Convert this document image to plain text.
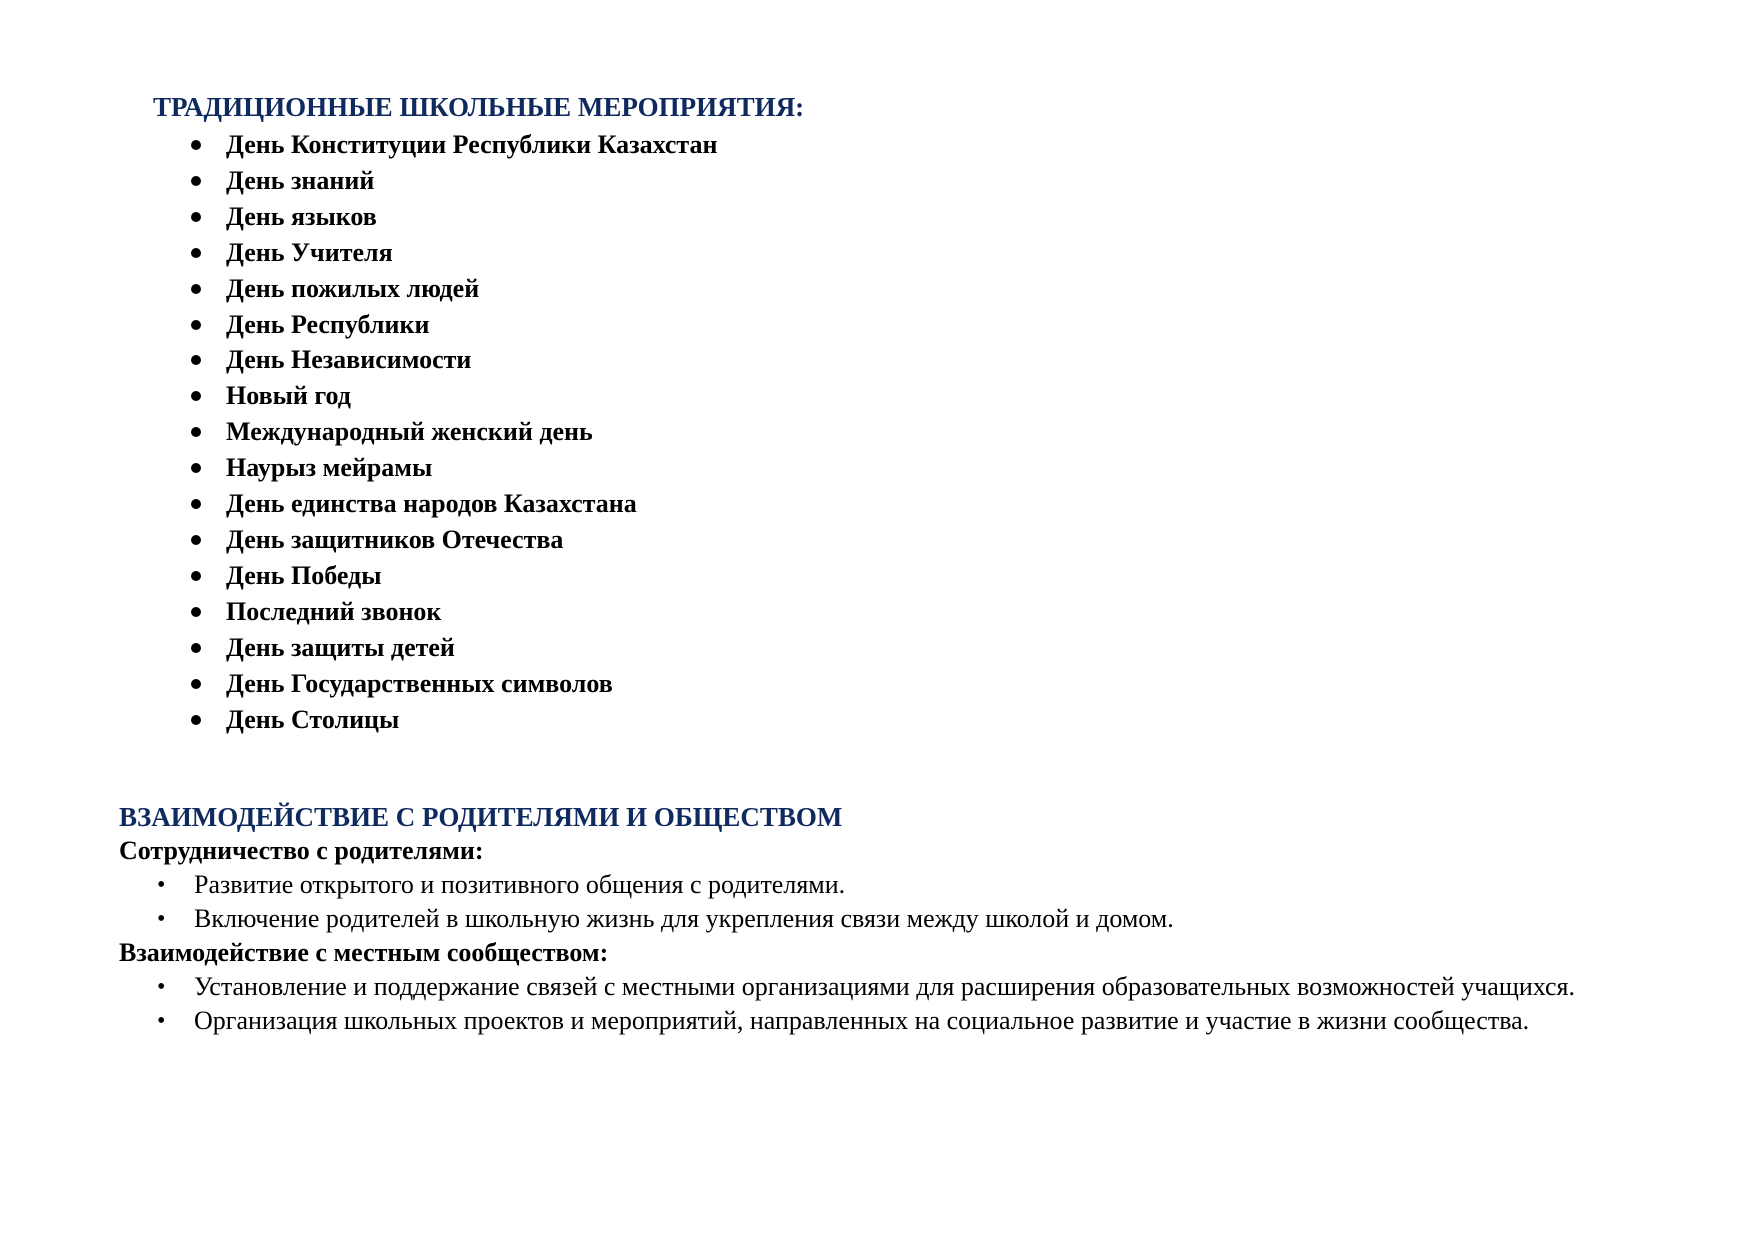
ТРАДИЦИОННЫЕ ШКОЛЬНЫЕ МЕРОПРИЯТИЯ:
День Конституции Республики Казахстан
День знаний
День языков
День Учителя
День пожилых людей
День Республики
День Независимости
Новый год
Международный женский день
Наурыз мейрамы
День единства народов Казахстана
День защитников Отечества
День Победы
Последний звонок
День защиты детей
День Государственных символов
День Столицы
ВЗАИМОДЕЙСТВИЕ С РОДИТЕЛЯМИ И ОБЩЕСТВОМ

Сотрудничество с родителями:

• Развитие открытого и позитивного общения с родителями.
• Включение родителей в школьную жизнь для укрепления связи между школой и домом.

Взаимодействие с местным сообществом:

• Установление и поддержание связей с местными организациями для расширения образовательных возможностей учащихся.
• Организация школьных проектов и мероприятий, направленных на социальное развитие и участие в жизни сообщества.
